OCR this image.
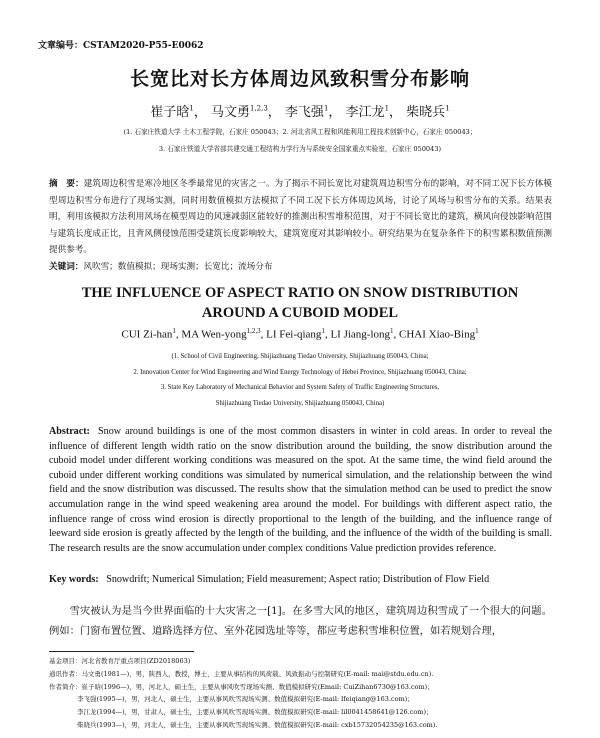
文章编号：CSTAM2020-P55-E0062
长宽比对长方体周边风致积雪分布影响
崔子晗$^1$， 马文勇$^{1,2,3}$， 李飞强$^1$， 李江龙$^1$， 柴晓兵$^1$
(1. 石家庄铁道大学 土木工程学院，石家庄 050043；2. 河北省风工程和风能利用工程技术创新中心，石家庄 050043；
3. 石家庄铁道大学省部共建交通工程结构力学行为与系统安全国家重点实验室，石家庄 050043)
摘　要：建筑周边积雪是寒冷地区冬季最常见的灾害之一。为了揭示不同长宽比对建筑周边积雪分布的影响，对不同工况下长方体模型周边积雪分布进行了现场实测，同时用数值模拟方法模拟了不同工况下长方体周边风场，讨论了风场与积雪分布的关系。结果表明，利用该模拟方法利用风场在模型周边的风速减弱区能较好的推测出积雪堆积范围，对于不同长宽比的建筑，横风向侵蚀影响范围与建筑长度成正比，且背风侧侵蚀范围受建筑长度影响较大，建筑宽度对其影响较小。研究结果为在复杂条件下的积雪累积数值预测提供参考。
关键词：风吹雪；数值模拟；现场实测；长宽比；流场分布
THE INFLUENCE OF ASPECT RATIO ON SNOW DISTRIBUTION
AROUND A CUBOID MODEL
CUI Zi-han$^1$, MA Wen-yong$^{1,2,3}$, LI Fei-qiang$^1$, LI Jiang-long$^1$, CHAI Xiao-Bing$^1$
(1. School of Civil Engineering, Shijiazhuang Tiedao University, Shijiazhuang 050043, China;
2. Innovation Center for Wind Engineering and Wind Energy Technology of Hebei Province, Shijiazhuang 050043, China;
3. State Key Laboratory of Mechanical Behavior and System Safety of Traffic Engineering Structures,
Shijiazhuang Tiedao University, Shijiazhuang 050043, China)
Abstract: Snow around buildings is one of the most common disasters in winter in cold areas. In order to reveal the influence of different length width ratio on the snow distribution around the building, the snow distribution around the cuboid model under different working conditions was measured on the spot. At the same time, the wind field around the cuboid under different working conditions was simulated by numerical simulation, and the relationship between the wind field and the snow distribution was discussed. The results show that the simulation method can be used to predict the snow accumulation range in the wind speed weakening area around the model. For buildings with different aspect ratio, the influence range of cross wind erosion is directly proportional to the length of the building, and the influence range of leeward side erosion is greatly affected by the length of the building, and the influence of the width of the building is small. The research results are the snow accumulation under complex conditions Value prediction provides reference.
Key words: Snowdrift; Numerical Simulation; Field measurement; Aspect ratio; Distribution of Flow Field
雪灾被认为是当今世界面临的十大灾害之一[1]。在多雪大风的地区，建筑周边积雪成了一个很大的问题。例如：门窗布置位置、道路选择方位、室外花园选址等等，都应考虑积雪堆积位置，如若规划合理，
基金项目：河北省教育厅重点项目(ZD2018063)
通讯作者：马文勇(1981—)，男，陕西人，教授，博士，主要从事结构的风荷载、风致振动与控制研究(E-mail: mai@stdu.edu.cn).
作者简介：崔子晗(1996—)，男，河北人，硕士生，主要从事风吹雪现场实测、数值模拟研究(Email: CuiZihan6730@163.com)；
李飞强(1995—)，男，河北人，硕士生，主要从事风吹雪现场实测、数值模拟研究(E-mail: lfeiqiang@163.com)；
李江龙(1994—)，男，甘肃人，硕士生，主要从事风吹雪现场实测、数值模拟研究(E-mail: lil0041458641@126.com)；
柴晓兵(1993—)，男，河北人，硕士生，主要从事风吹雪现场实测、数值模拟研究(E-mail: cxb15732054235@163.com).
